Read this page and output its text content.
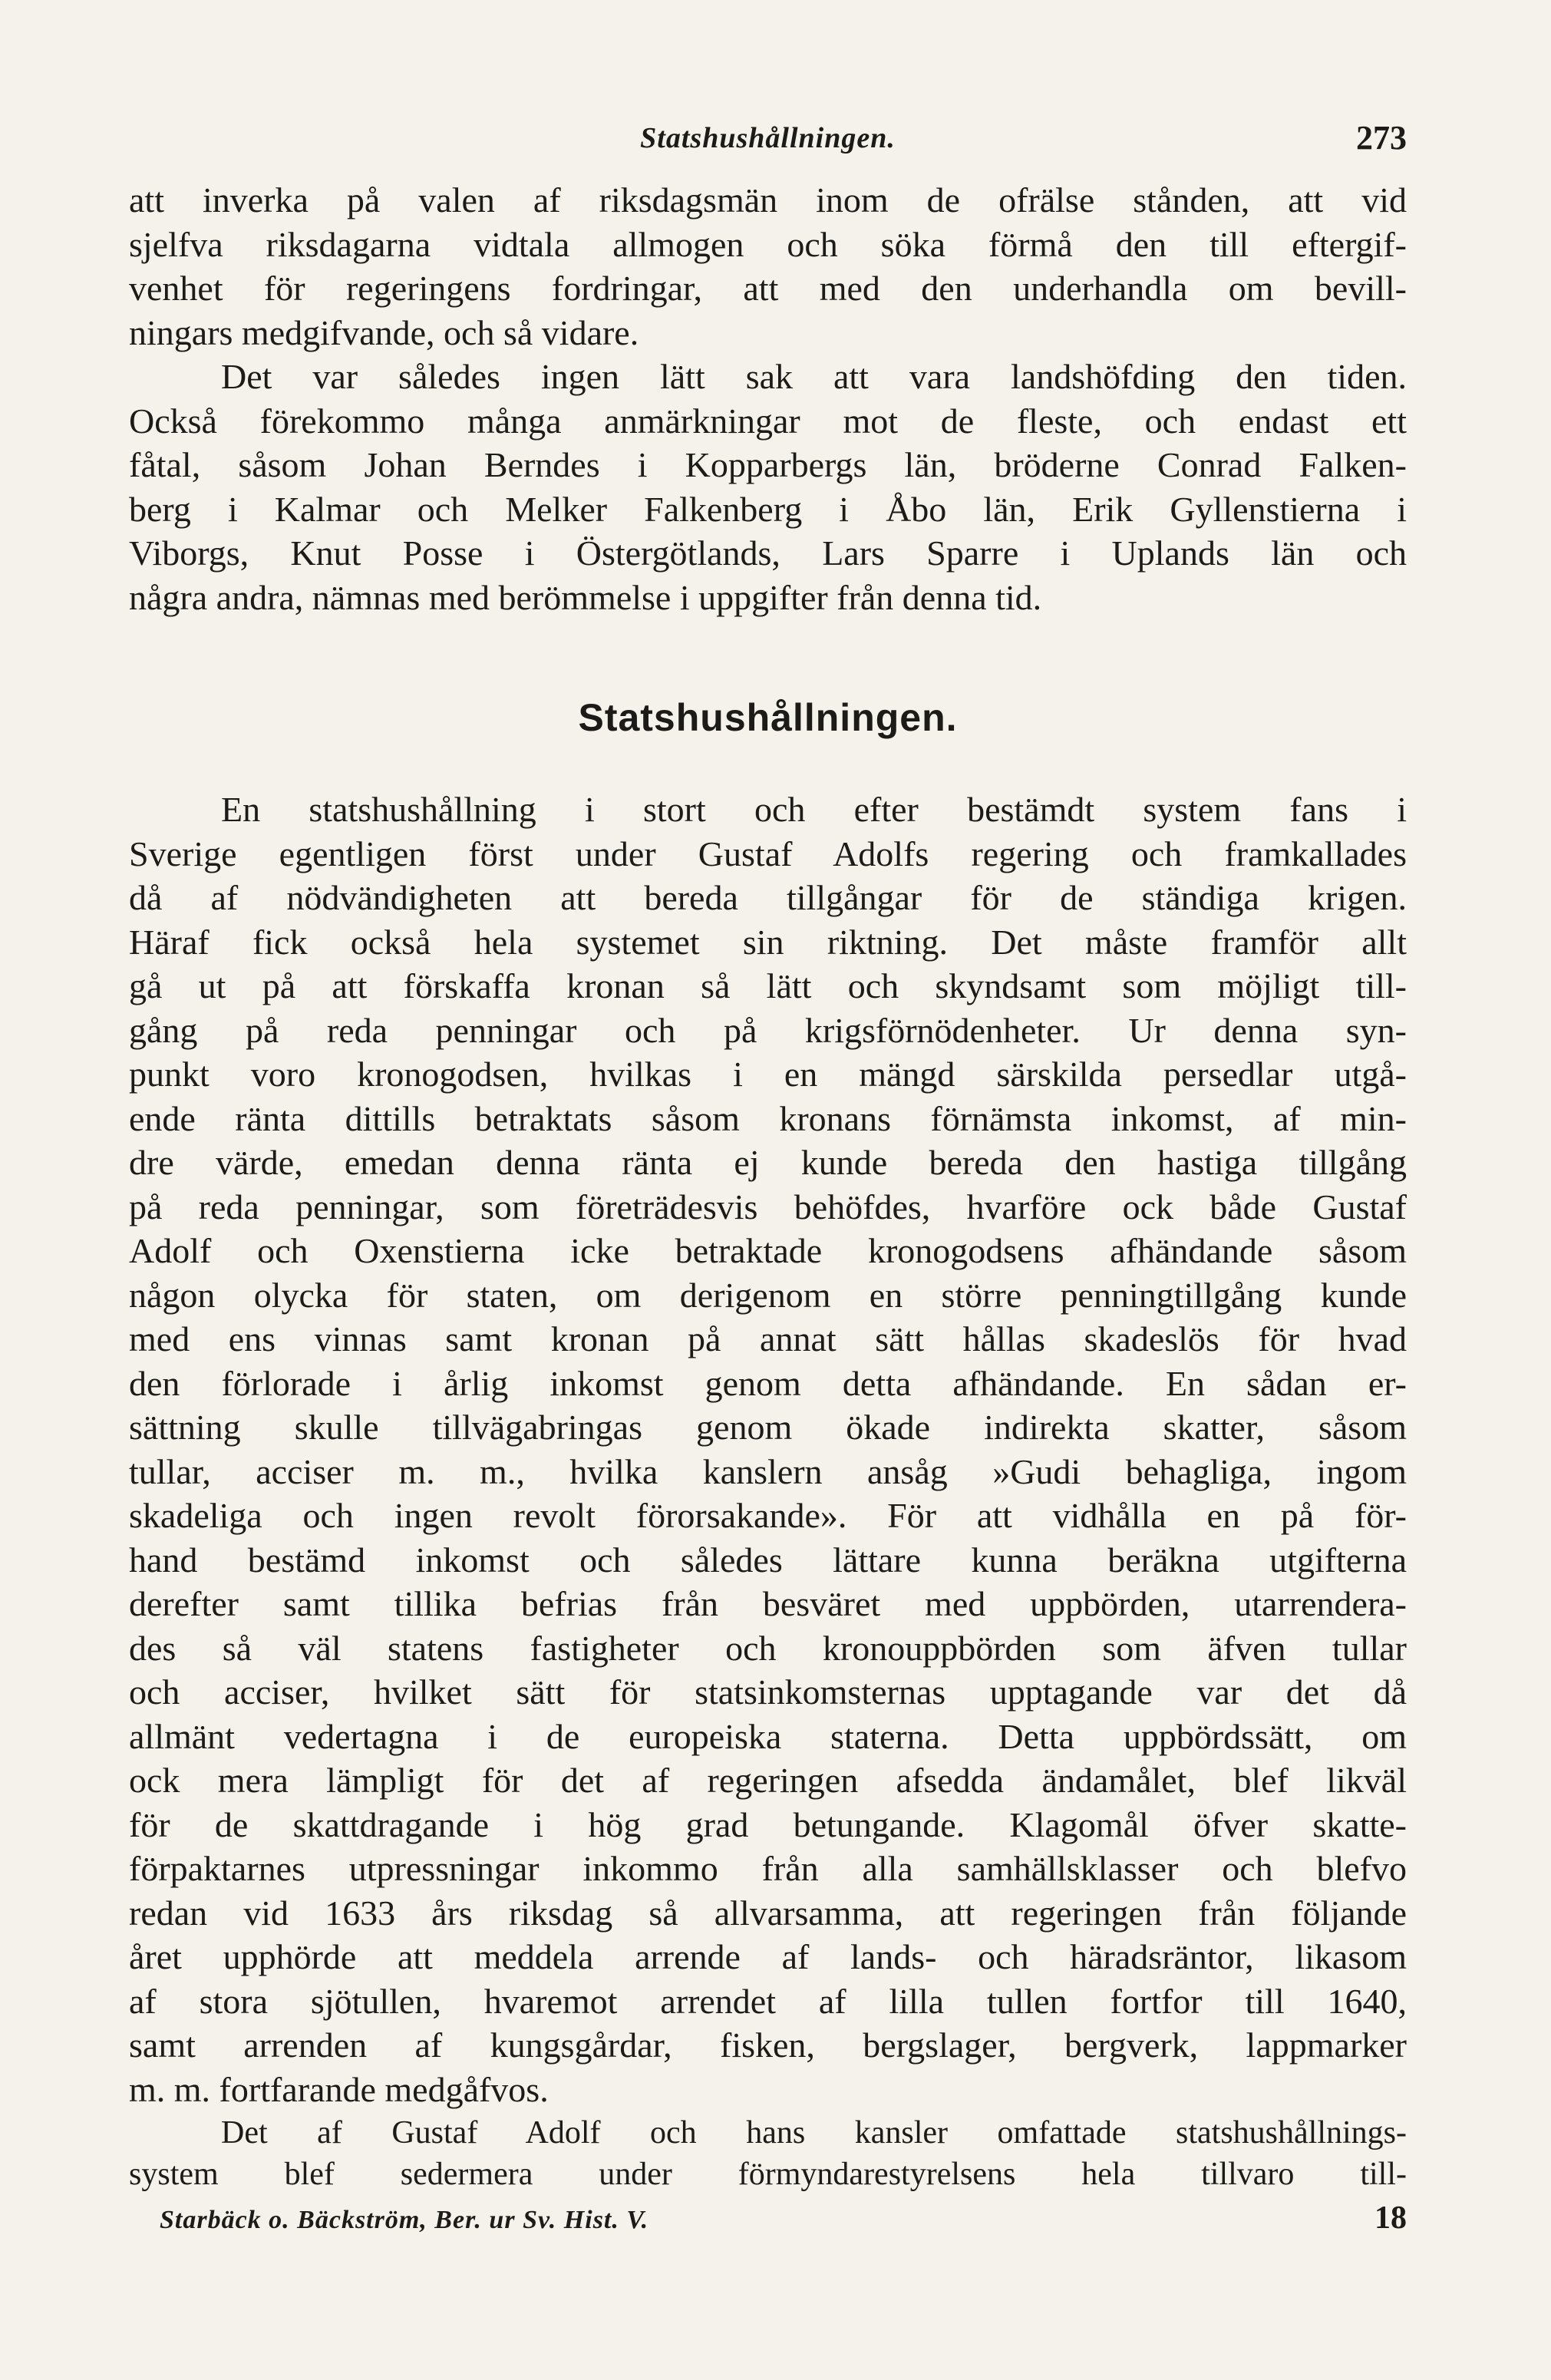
Statshushållningen.	273
att inverka på valen af riksdagsmän inom de ofrälse stånden, att vid
sjelfva riksdagarna vidtala allmogen och söka förmå den till eftergif-
venhet för regeringens fordringar, att med den underhandla om bevill-
ningars medgifvande, och så vidare.
Det var således ingen lätt sak att vara landshöfding den tiden.
Också förekommo många anmärkningar mot de fleste, och endast ett
fåtal, såsom Johan Berndes i Kopparbergs län, bröderne Conrad Falken-
berg i Kalmar och Melker Falkenberg i Åbo län, Erik Gyllenstierna i
Viborgs, Knut Posse i Östergötlands, Lars Sparre i Uplands län och
några andra, nämnas med berömmelse i uppgifter från denna tid.
Statshushållningen.
En statshushållning i stort och efter bestämdt system fans i
Sverige egentligen först under Gustaf Adolfs regering och framkallades
då af nödvändigheten att bereda tillgångar för de ständiga krigen.
Häraf fick också hela systemet sin riktning. Det måste framför allt
gå ut på att förskaffa kronan så lätt och skyndsamt som möjligt till-
gång på reda penningar och på krigsförnödenheter. Ur denna syn-
punkt voro kronogodsen, hvilkas i en mängd särskilda persedlar utgå-
ende ränta dittills betraktats såsom kronans förnämsta inkomst, af min-
dre värde, emedan denna ränta ej kunde bereda den hastiga tillgång
på reda penningar, som företrädesvis behöfdes, hvarföre ock både Gustaf
Adolf och Oxenstierna icke betraktade kronogodsens afhändande såsom
någon olycka för staten, om derigenom en större penningtillgång kunde
med ens vinnas samt kronan på annat sätt hållas skadeslös för hvad
den förlorade i årlig inkomst genom detta afhändande. En sådan er-
sättning skulle tillvägabringas genom ökade indirekta skatter, såsom
tullar, acciser m. m., hvilka kanslern ansåg »Gudi behagliga, ingom
skadeliga och ingen revolt förorsakande». För att vidhålla en på för-
hand bestämd inkomst och således lättare kunna beräkna utgifterna
derefter samt tillika befrias från besväret med uppbörden, utarrendera-
des så väl statens fastigheter och kronouppbörden som äfven tullar
och acciser, hvilket sätt för statsinkomsternas upptagande var det då
allmänt vedertagna i de europeiska staterna. Detta uppbördssätt, om
ock mera lämpligt för det af regeringen afsedda ändamålet, blef likväl
för de skattdragande i hög grad betungande. Klagomål öfver skatte-
förpaktarnes utpressningar inkommo från alla samhällsklasser och blefvo
redan vid 1633 års riksdag så allvarsamma, att regeringen från följande
året upphörde att meddela arrende af lands- och häradsräntor, likasom
af stora sjötullen, hvaremot arrendet af lilla tullen fortfor till 1640,
samt arrenden af kungsgårdar, fisken, bergslager, bergverk, lappmarker
m. m. fortfarande medgåfvos.
Det af Gustaf Adolf och hans kansler omfattade statshushållnings-
system blef sedermera under förmyndarestyrelsens hela tillvaro till-
Starbäck o. Bäckström, Ber. ur Sv. Hist. V.	18
